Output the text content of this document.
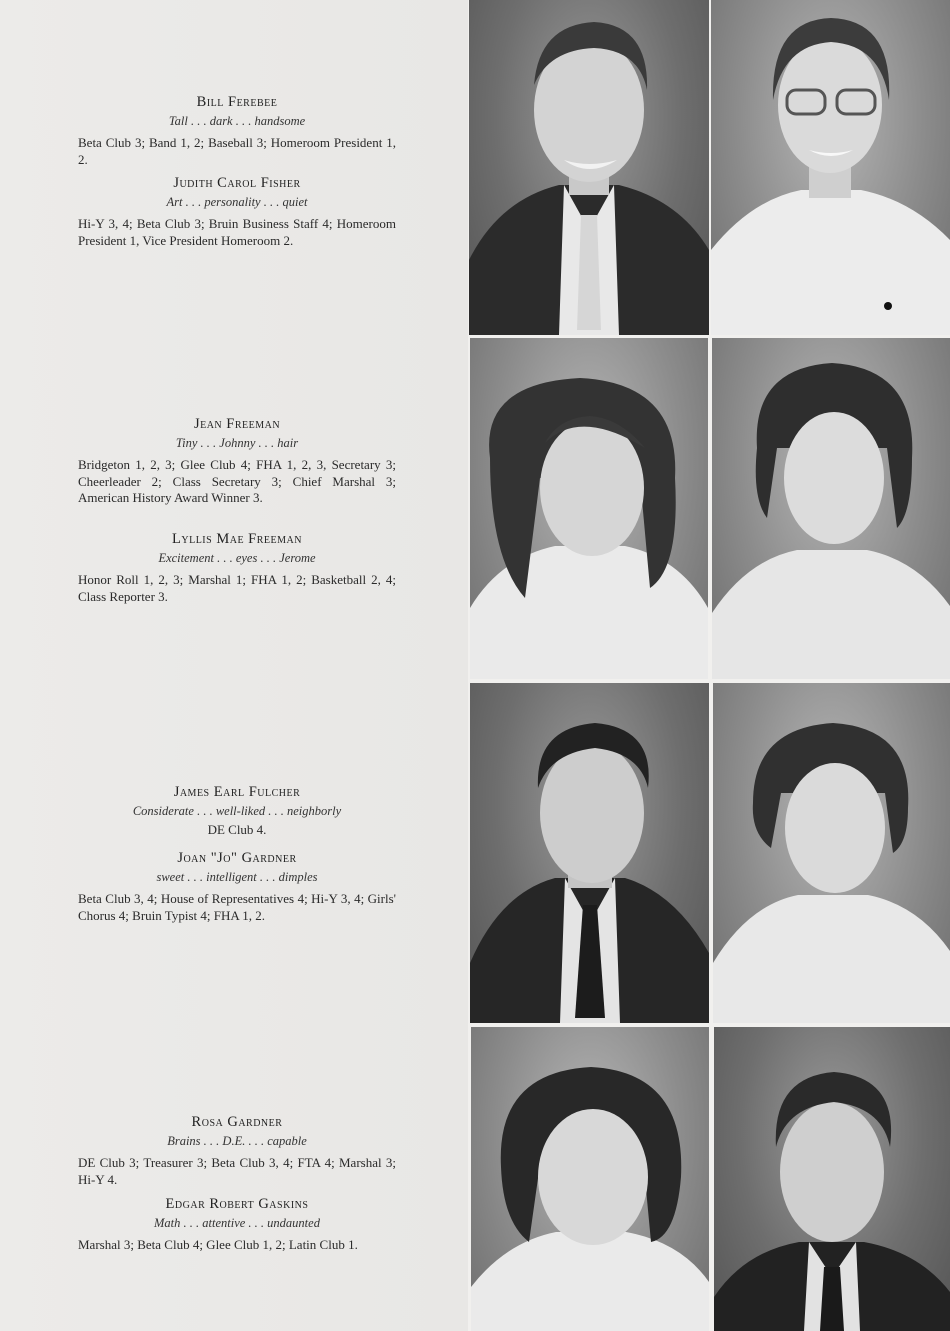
Bill Ferebee
Tall . . . dark . . . handsome
Beta Club 3; Band 1, 2; Baseball 3; Homeroom President 1, 2.
Judith Carol Fisher
Art . . . personality . . . quiet
Hi-Y 3, 4; Beta Club 3; Bruin Business Staff 4; Homeroom President 1, Vice President Homeroom 2.
Jean Freeman
Tiny . . . Johnny . . . hair
Bridgeton 1, 2, 3; Glee Club 4; FHA 1, 2, 3, Secretary 3; Cheerleader 2; Class Secretary 3; Chief Marshal 3; American History Award Winner 3.
Lyllis Mae Freeman
Excitement . . . eyes . . . Jerome
Honor Roll 1, 2, 3; Marshal 1; FHA 1, 2; Basketball 2, 4; Class Reporter 3.
James Earl Fulcher
Considerate . . . well-liked . . . neighborly
DE Club 4.
Joan "Jo" Gardner
sweet . . . intelligent . . . dimples
Beta Club 3, 4; House of Representatives 4; Hi-Y 3, 4; Girls' Chorus 4; Bruin Typist 4; FHA 1, 2.
Rosa Gardner
Brains . . . D.E. . . . capable
DE Club 3; Treasurer 3; Beta Club 3, 4; FTA 4; Marshal 3; Hi-Y 4.
Edgar Robert Gaskins
Math . . . attentive . . . undaunted
Marshal 3; Beta Club 4; Glee Club 1, 2; Latin Club 1.
